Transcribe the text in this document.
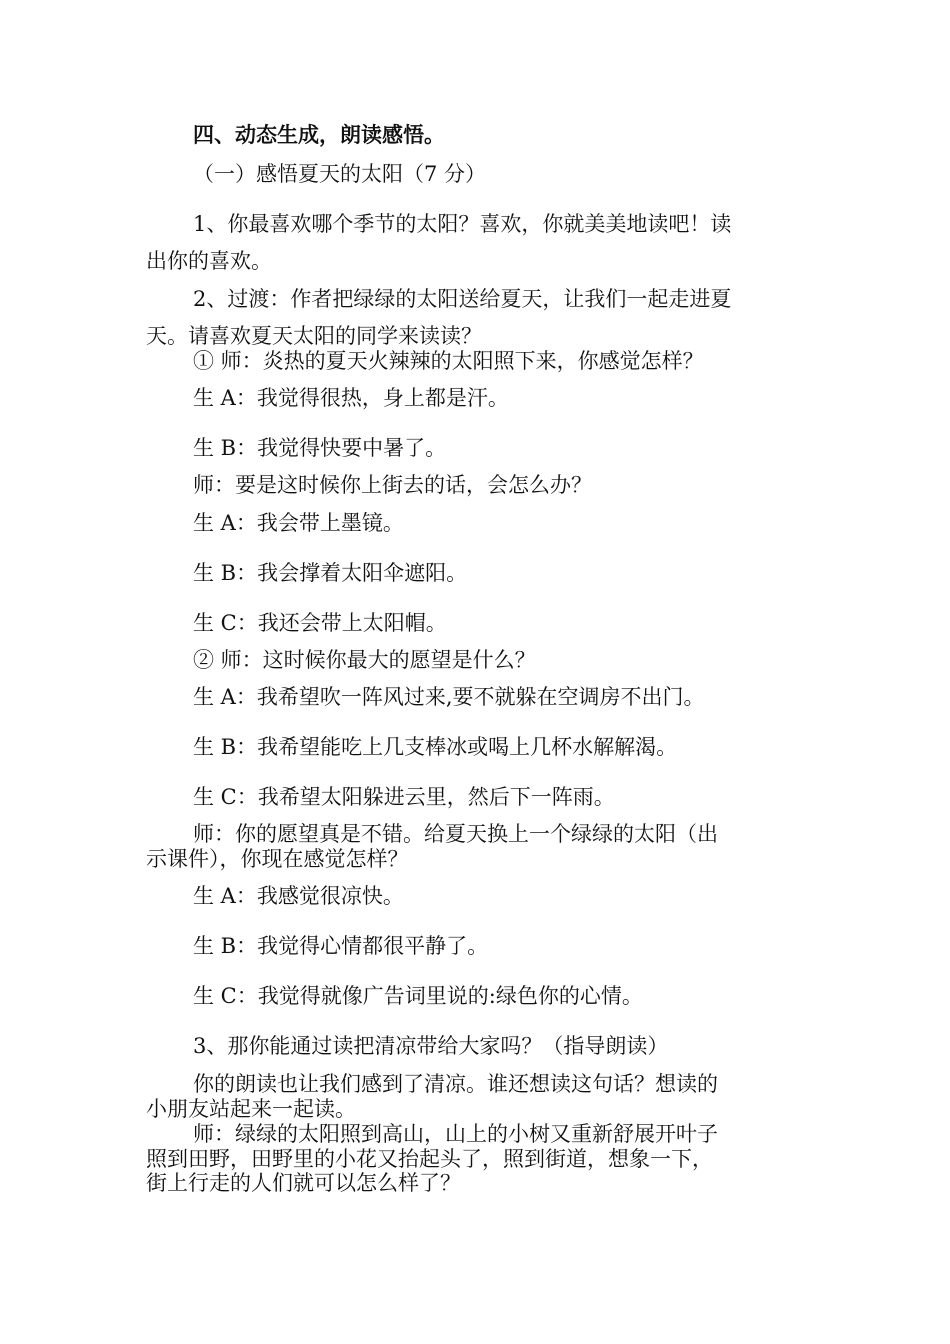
四、动态生成，朗读感悟。
（一）感悟夏天的太阳（7 分）
1、你最喜欢哪个季节的太阳？喜欢，你就美美地读吧！读
出你的喜欢。
2、过渡：作者把绿绿的太阳送给夏天，让我们一起走进夏
天。请喜欢夏天太阳的同学来读读？
① 师：炎热的夏天火辣辣的太阳照下来，你感觉怎样？
生 A：我觉得很热，身上都是汗。
生 B：我觉得快要中暑了。
师：要是这时候你上街去的话，会怎么办？
生 A：我会带上墨镜。
生 B：我会撑着太阳伞遮阳。
生 C：我还会带上太阳帽。
② 师：这时候你最大的愿望是什么？
生 A：我希望吹一阵风过来,要不就躲在空调房不出门。
生 B：我希望能吃上几支棒冰或喝上几杯水解解渴。
生 C：我希望太阳躲进云里，然后下一阵雨。
师：你的愿望真是不错。给夏天换上一个绿绿的太阳（出
示课件），你现在感觉怎样？
生 A：我感觉很凉快。
生 B：我觉得心情都很平静了。
生 C：我觉得就像广告词里说的:绿色你的心情。
3、那你能通过读把清凉带给大家吗？（指导朗读）
你的朗读也让我们感到了清凉。谁还想读这句话？想读的
小朋友站起来一起读。
师：绿绿的太阳照到高山，山上的小树又重新舒展开叶子
照到田野，田野里的小花又抬起头了，照到街道，想象一下，
街上行走的人们就可以怎么样了？
